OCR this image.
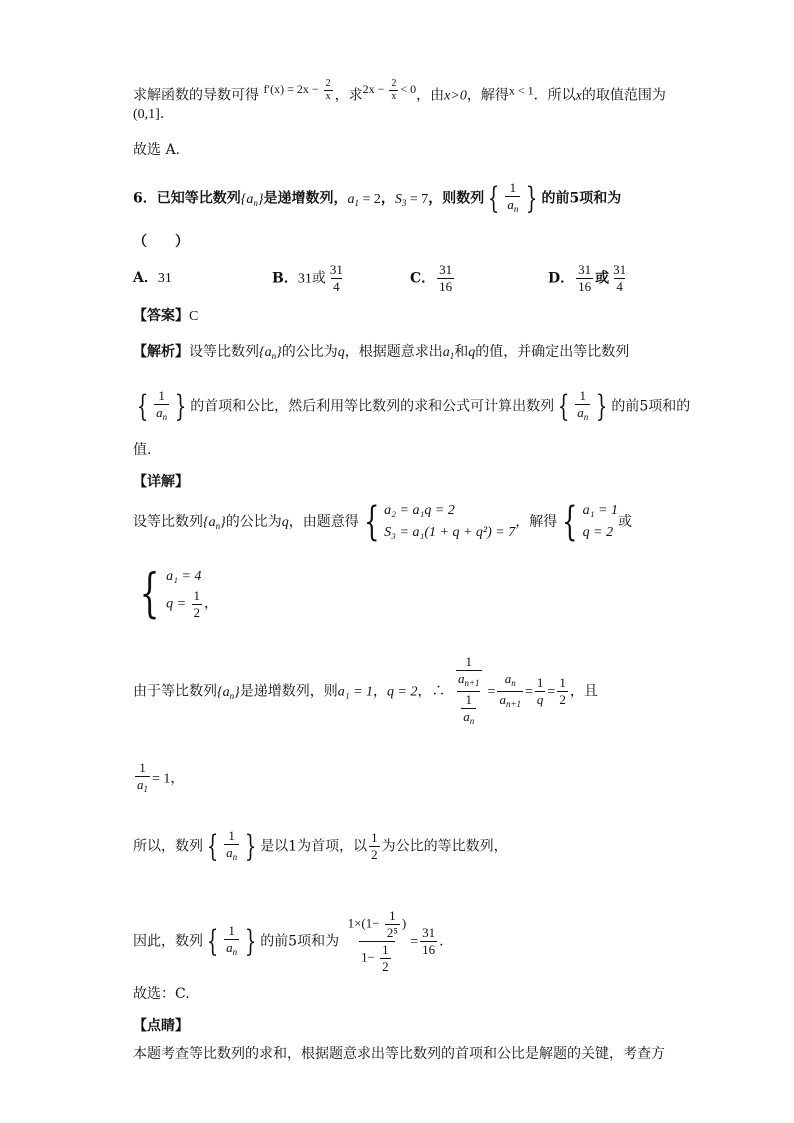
求解函数的导数可得 $f'(x) = 2x - \frac{2}{x}$ ，求$2x - \frac{2}{x} < 0$，由x>0，解得x < 1．所以x的取值范围为
(0,1].
故选 A.
6．已知等比数列$\{a_n\}$是递增数列，$a_1 = 2$，$S_3 = 7$，则数列 { $\frac{1}{a_n}$ } 的前5项和为
（　　）
A．31	B．31或 $\frac{31}{4}$	C． $\frac{31}{16}$	D． $\frac{31}{16}$ 或 $\frac{31}{4}$
【答案】C
【解析】设等比数列$\{a_n\}$的公比为q，根据题意求出$a_1$和q的值，并确定出等比数列
{ $\frac{1}{a_n}$ } 的首项和公比，然后利用等比数列的求和公式可计算出数列 { $\frac{1}{a_n}$ } 的前5项和的
值.
【详解】
设等比数列$\{a_n\}$的公比为q，由题意得 { a₂ = a₁q = 2
S₃ = a₁(1 + q + q²) = 7
，解得 { a₁ = 1
q = 2
或
{ a₁ = 4
$q = \frac{1}{2}$ ，
由于等比数列$\{a_n\}$是递增数列，则a₁ = 1，q = 2，∴ $\frac{\frac{1}{a_{n+1}}}{\frac{1}{a_n}} = \frac{a_n}{a_{n+1}} = \frac{1}{q} = \frac{1}{2}$ ，且
$\frac{1}{a_1} = 1$，
所以，数列 { $\frac{1}{a_n}$ } 是以1为首项，以 $\frac{1}{2}$ 为公比的等比数列，
因此，数列 { $\frac{1}{a_n}$ } 的前5项和为 $\frac{1\times(1- \frac{1}{\text{2⁵}} )}{1- \frac{1}{2}} = \frac{31}{16}$ .
故选：C.
【点睛】
本题考查等比数列的求和，根据题意求出等比数列的首项和公比是解题的关键，考查方
